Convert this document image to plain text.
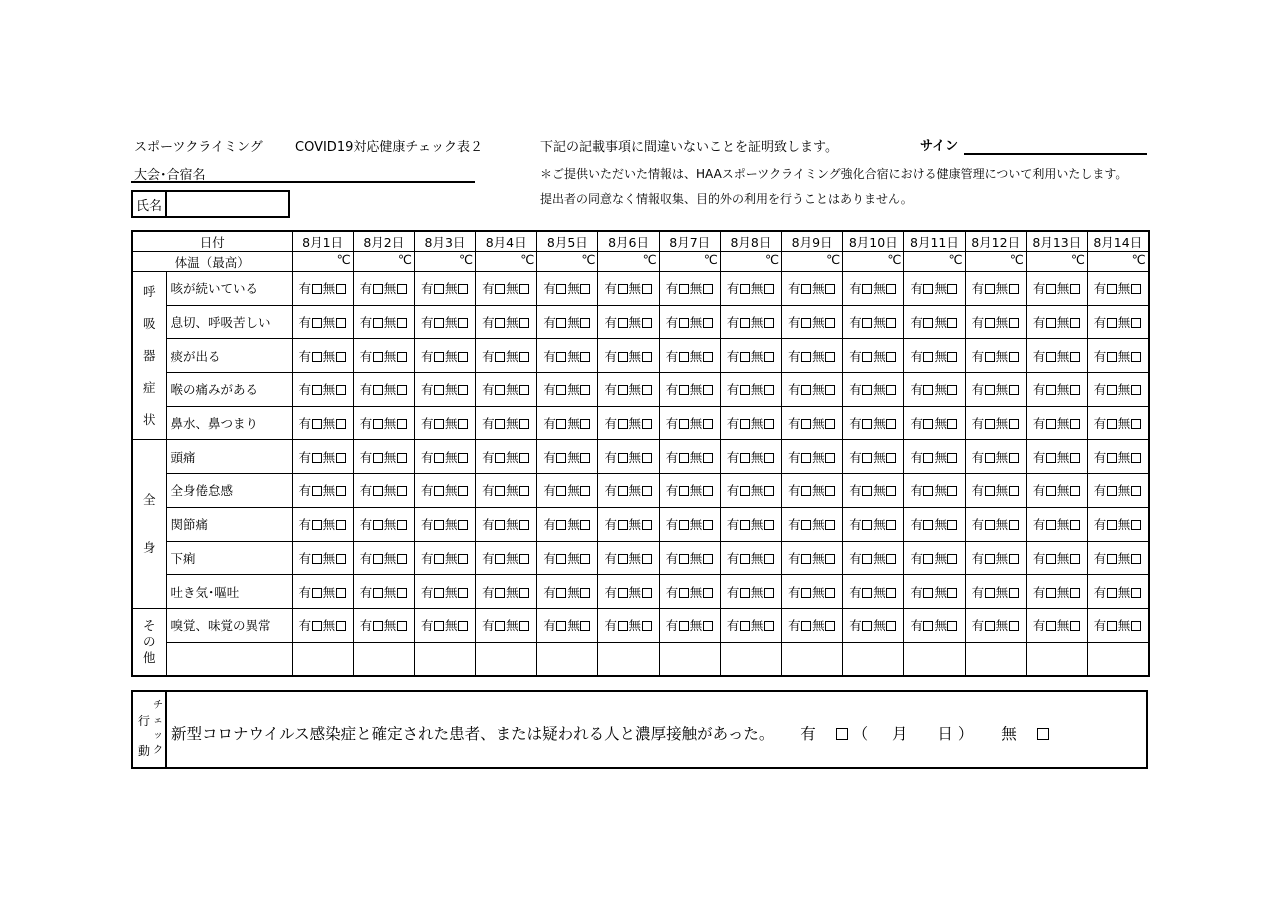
スポーツクライミング COVID19対応健康チェック表２	下記の記載事項に間違いないことを証明致します。	サイン
大会･合宿名	＊ご提供いただいた情報は、HAAスポーツクライミング強化合宿における健康管理について利用いたします。
提出者の同意なく情報収集、目的外の利用を行うことはありません。
氏名
日付		8月1日	8月2日	8月3日	8月4日	8月5日	8月6日	8月7日	8月8日	8月9日	8月10日	8月11日	8月12日	8月13日	8月14日
体温（最高）		℃	℃	℃	℃	℃	℃	℃	℃	℃	℃	℃	℃	℃	℃

呼
吸
器
症
状	咳が続いている	有 無	有 無	有 無	有 無	有 無	有 無	有 無	有 無	有 無	有 無	有 無	有 無	有 無	有 無
	息切、呼吸苦しい	有 無	有 無	有 無	有 無	有 無	有 無	有 無	有 無	有 無	有 無	有 無	有 無	有 無	有 無
	痰が出る	有 無	有 無	有 無	有 無	有 無	有 無	有 無	有 無	有 無	有 無	有 無	有 無	有 無	有 無
	喉の痛みがある	有 無	有 無	有 無	有 無	有 無	有 無	有 無	有 無	有 無	有 無	有 無	有 無	有 無	有 無
	鼻水、鼻つまり	有 無	有 無	有 無	有 無	有 無	有 無	有 無	有 無	有 無	有 無	有 無	有 無	有 無	有 無

全
身	頭痛	有 無	有 無	有 無	有 無	有 無	有 無	有 無	有 無	有 無	有 無	有 無	有 無	有 無	有 無
	全身倦怠感	有 無	有 無	有 無	有 無	有 無	有 無	有 無	有 無	有 無	有 無	有 無	有 無	有 無	有 無
	関節痛	有 無	有 無	有 無	有 無	有 無	有 無	有 無	有 無	有 無	有 無	有 無	有 無	有 無	有 無
	下痢	有 無	有 無	有 無	有 無	有 無	有 無	有 無	有 無	有 無	有 無	有 無	有 無	有 無	有 無
	吐き気･嘔吐	有 無	有 無	有 無	有 無	有 無	有 無	有 無	有 無	有 無	有 無	有 無	有 無	有 無	有 無

そ
の
他	嗅覚、味覚の異常	有 無	有 無	有 無	有 無	有 無	有 無	有 無	有 無	有 無	有 無	有 無	有 無	有 無	有 無

行
動
チ
ェ
ッ
ク
新型コロナウイルス感染症と確定された患者、または疑われる人と濃厚接触があった。 有 （ 月 日 ） 無
